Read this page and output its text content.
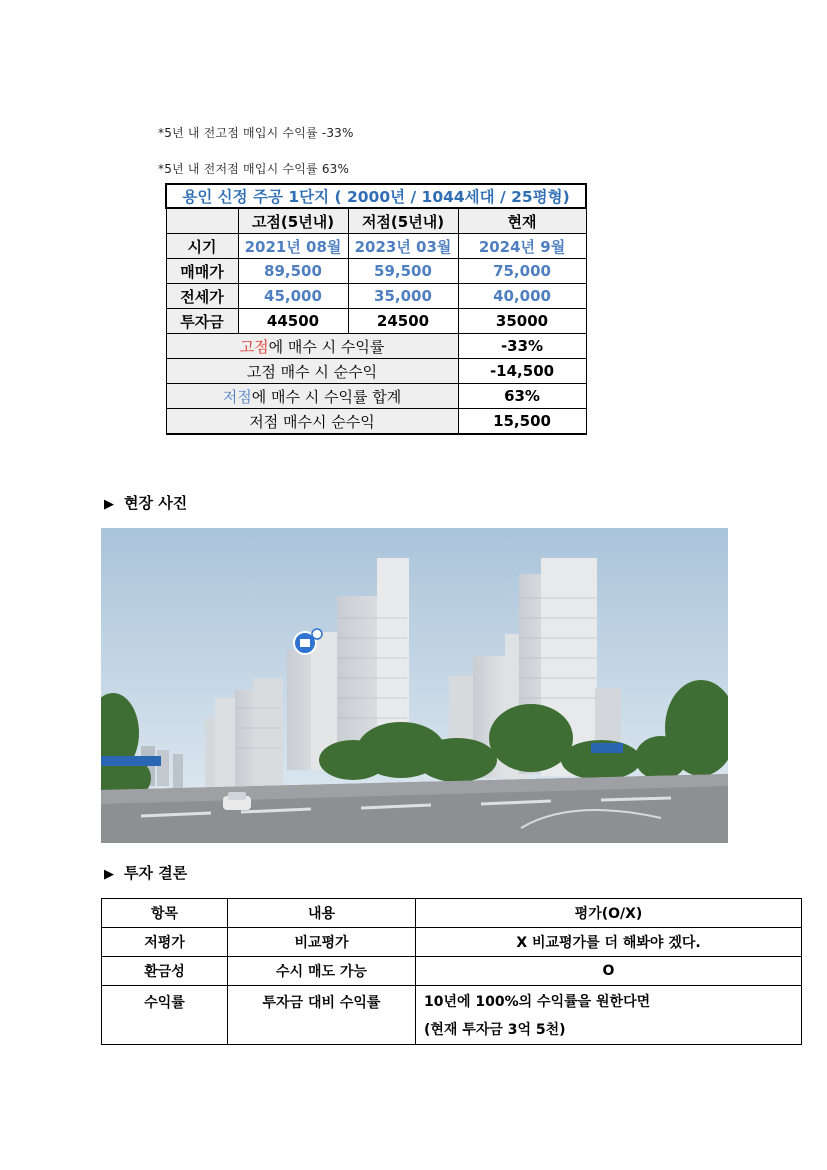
*5년 내 전고점 매입시 수익률 -33%
*5년 내 전저점 매입시 수익률 63%
용인 신정 주공 1단지 ( 2000년 / 1044세대 / 25평형)			
	고점(5년내)	저점(5년내)	현재
시기	2021년 08월	2023년 03월	2024년 9월
매매가	89,500	59,500	75,000
전세가	45,000	35,000	40,000
투자금	44500	24500	35000
고점에 매수 시 수익률			-33%
고점 매수 시 순수익			-14,500
저점에 매수 시 수익률 합계			63%
저점 매수시 순수익			15,500
▶ 현장 사진
▶ 투자 결론
항목	내용	평가(O/X)
저평가	비교평가	X 비교평가를 더 해봐야 겠다.
환금성	수시 매도 가능	O
수익률	투자금 대비 수익률	10년에 100%의 수익률을 원한다면
(현재 투자금 3억 5천)
